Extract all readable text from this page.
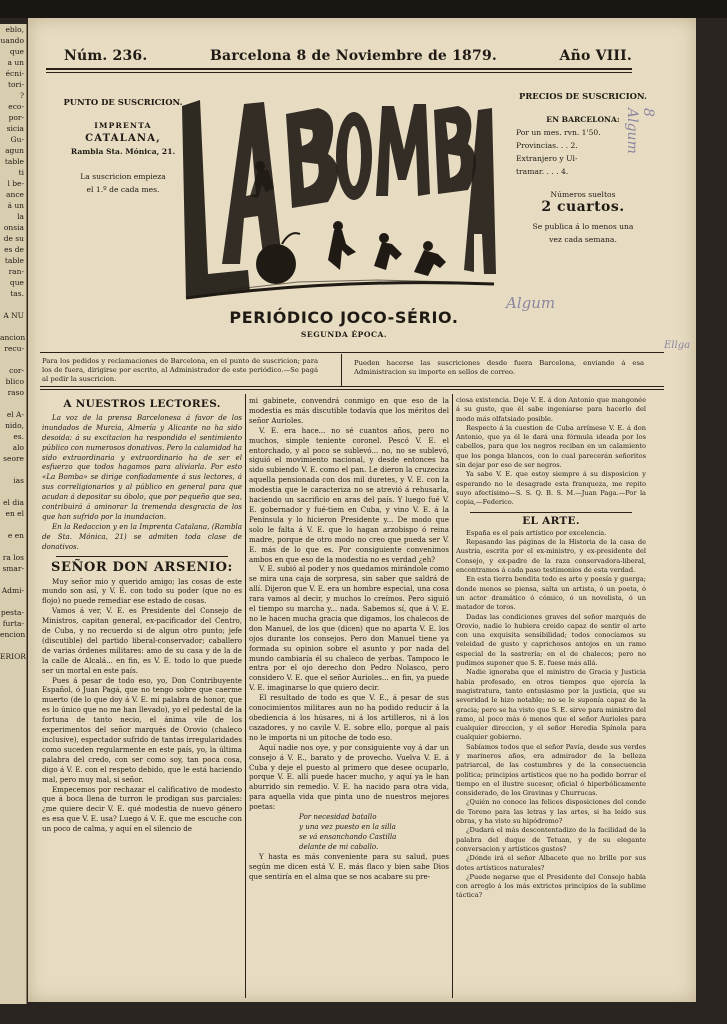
eblo,
uando
que
a un
écni-
tori-
?
eco-
por-
sicia
Gu-
agun
table
ti
l be-
ance
á un
la
onsia
de su
es de
table
ran-
que
tas.

A NU

ancion
recu-

cor-
blico
raso

el A-
nido,
es.
alo
seore

ias

el dia
en el

e en

ra los
smar-

Admi-

pesta-
furta-
encion

ERIOR
Núm. 236.	Barcelona 8 de Noviembre de 1879.	Año VIII.
PUNTO DE SUSCRICION.
IMPRENTA
CATALANA,
Rambla Sta. Mónica, 21.
La suscricion empieza
el 1.º de cada mes.
PRECIOS DE SUSCRICION.
EN BARCELONA:
Por un mes. rvn. 1'50.
Provincias. . . 2.
Extranjero y Ul-
tramar. . . . 4.
Números sueltos
2 cuartos.
Se publica á lo menos una
vez cada semana.
PERIÓDICO JOCO-SÉRIO.
SEGUNDA ÉPOCA.
Algum
8 Algum
Ellga
Para los pedidos y reclamaciones de Barcelona, en el punto de suscricion; para los de fuera, dirigirse por escrito, al Administrador de este periódico.—Se pagá al pedir la suscricion.
Pueden hacerse las suscriciones desde fuera Barcelona, enviando á esa Administracion su importe en sellos de correo.

A NUESTROS LECTORES.

La voz de la prensa Barcelonesa á favor de los inundados de Murcia, Almería y Alicante no ha sido desoida: á su excitacion ha respondido el sentimiento público con numerosos donativos. Pero la calamidad ha sido extraordinaria y extraordinario ha de ser el esfuerzo que todos hagamos para aliviarla. Por esto «La Bomba» se dirige confiadamente á sus lectores, á sus correligionarios y al público en general para que acudan á depositar su óbolo, que por pequeño que sea, contribuirá á aminorar la tremenda desgracia de los que han sufrido por la inundacion.

En la Redaccion y en la Imprenta Catalana, (Rambla de Sta. Mónica, 21) se admiten toda clase de donativos.

SEÑOR DON ARSENIO:

Muy señor mio y querido amigo; las cosas de este mundo son así, y V. E. con todo su poder (que no es flojo) no puede remediar ese estado de cosas.

Vamos á ver, V. E. es Presidente del Consejo de Ministros, capitan general, ex-pacificador del Centro, de Cuba, y no recuerdo si de algun otro punto; jefe (discutible) del partido liberal-conservador; caballero de varias órdenes militares: amo de su casa y de la de la calle de Alcalá... en fin, es V. E. todo lo que puede ser un mortal en este país.

Pues á pesar de todo eso, yo, Don Contribuyente Español, ó Juan Pagá, que no tengo sobre que caerme muerto (de lo que doy á V. E. mi palabra de honor, que es lo único que no me han llevado), yo el pedestal de la fortuna de tanto necio, el ánima vile de los experimentos del señor marqués de Orovio (chaleco inclusive), espectador sufrido de tantas irregularidades como suceden regularmente en este país, yo, la última palabra del credo, con ser como soy, tan poca cosa, digo á V. E. con el respeto debido, que le está haciendo mal, pero muy mal, si señor.

Empecemos por rechazar el calificativo de modesto que á boca llena de turron le prodigan sus parciales: ¿me quiere decir V. E. qué modestia de nuevo género es esa que V. E. usa? Luego á V. E. que me escuche con un poco de calma, y aquí en el silencio de

mi gabinete, convendrá conmigo en que eso de la modestia es más discutible todavía que los méritos del señor Aurioles.

V. E. era hace... no sé cuantos años, pero no muchos, simple teniente coronel. Pescó V. E. el entorchado, y al poco se sublevó... no, no se sublevó, siguió el movimiento nacional, y desde entonces ha sido subiendo V. E. como el pan. Le dieron la cruzeciza aquella pensionada con dos mil duretes, y V. E. con la modestia que le caracteriza no se atrevió á rehusarla, haciendo un sacrificio en aras del país. Y luego fué V. E. gobernador y fué-tiem en Cuba, y vino V. E. á la Península y lo hicieron Presidente y... De modo que solo le falta á V. E. que lo hagan arzobispo ó reina madre, porque de otro modo no creo que pueda ser V. E. más de lo que es. Por consiguiente convenimos ambos en que eso de la modestia no es verdad ¿eh?

V. E. subió al poder y nos quedamos mirándole como se mira una caja de sorpresa, sin saber que saldrá de allí. Dijeron que V. E. era un hombre especial, una cosa rara vamos al decir, y muchos lo creímos. Pero siguió el tiempo su marcha y... nada. Sabemos sí, que á V. E. no le hacen mucha gracia que digamos, los chalecos de don Manuel, de los que (dicen) que no aparta V. E. los ojos durante los consejos. Pero don Manuel tiene ya formada su opinion sobre el asunto y por nada del mundo cambiaría él su chaleco de yerbas. Tampoco le entra por el ojo derecho don Pedro Nolasco, pero considero V. E. que el señor Aurioles... en fin, ya puede V. E. imaginarse lo que quiero decir.

El resultado de todo es que V. E., á pesar de sus conocimientos militares aun no ha podido reducir á la obediencia á los húsares, ni á los artilleros, ni á los cazadores, y no cavile V. E. sobre ello, porque al país no le importa ni un pitoche de todo eso.

Aquí nadie nos oye, y por consiguiente voy á dar un consejo á V. E., barato y de provecho. Vuelva V. E. á Cuba y deje el puesto al primero que desee ocuparlo, porque V. E. allí puede hacer mucho, y aquí ya le han aburrido sin remedio. V. E. ha nacido para otra vida, para aquella vida que pinta uno de nuestros mejores poetas:

Por necesidad batallo

y una vez puesto en la silla

se vá ensanchando Castilla

delante de mi caballo.

Y hasta es más conveniente para su salud, pues según me dicen está V. E. más flaco y bien sabe Dios que sentiría en el alma que se nos acabare su pre-

ciosa existencia. Deje V. E. á don Antonio que mangonée á su gusto, que él sabe ingeniarse para hacerlo del modo más olfatsiado posible.

Respecto á la cuestion de Cuba arrímese V. E. á don Antonio, que ya él le dará una fórmula ideada por los cabellos, para que los negros reciban en un calamiento que los ponga blancos, con lo cual parecerán señoritos sin dejar por eso de ser negros.

Ya sabe V. E. que estoy siempre á su disposicion y esperando no le desagrade esta franqueza, me repito suyo afectísimo—S. S. Q. B. S. M.—Juan Paga.—Por la copia,—Federico.

EL ARTE.

España es el país artístico por excelencia.

Repasando las páginas de la Historia de la casa de Austria, escrita por el ex-ministro, y ex-presidente del Consejo, y ex-padre de la raza conservadora-liberal, encontramos á cada paso testimonios de esta verdad.

En esta tierra bendita todo es arte y poesía y guerga; donde menos se piensa, salta un artista, ó un poeta, ó un actor dramático ó cómico, ó un novelista, ó un matador de toros.

Dadas las condiciones graves del señor marqués de Orovio, nadie lo hubiera creido capaz de sentir el arte con una exquisita sensibilidad; todos conocíamos su veleidad de gusto y caprichosos antojos en un ramo especial de la sastrería; en el de chalecos; pero no pudimos suponer que S. E. fuese más allá.

Nadie ignoraba que el ministro de Gracia y Justicia había profesado, en otros tiempos que ejercía la magistratura, tanto entusiasmo por la justicia, que su severidad le hizo notable; no se le suponía capaz de la gracia; pero se ha visto que S. E. sirve para ministro del ramo, al poco más ó menos que el señor Aurioles para cualquier direccion, y el señor Heredia Spínola para cualquier gobierno.

Sabíamos todos que el señor Pavía, desde sus verdes y marineros años, era admirador de la belleza patriarcal, de las costumbres y de la consecuencia política; principios artísticos que no ha podido borrar el tiempo en el ilustre sucesor, oficial ó hiperbólicamente considerado, de los Gravinas y Churrucas.

¿Quién no conoce las felices disposiciones del conde de Toreno para las letras y las artes, si ha leído sus obras, y ha visto su hipódromo?

¿Dudará el más descontentadizo de la facilidad de la palabra del duque de Tetuan, y de su elegante conversacion y artísticos gustos?

¿Dónde irá el señor Albacete que no brille por sus dotes artísticos naturales?

¿Puede negarse que el Presidente del Consejo habla con arreglo á los más extrictos principios de la sublime táctica?
